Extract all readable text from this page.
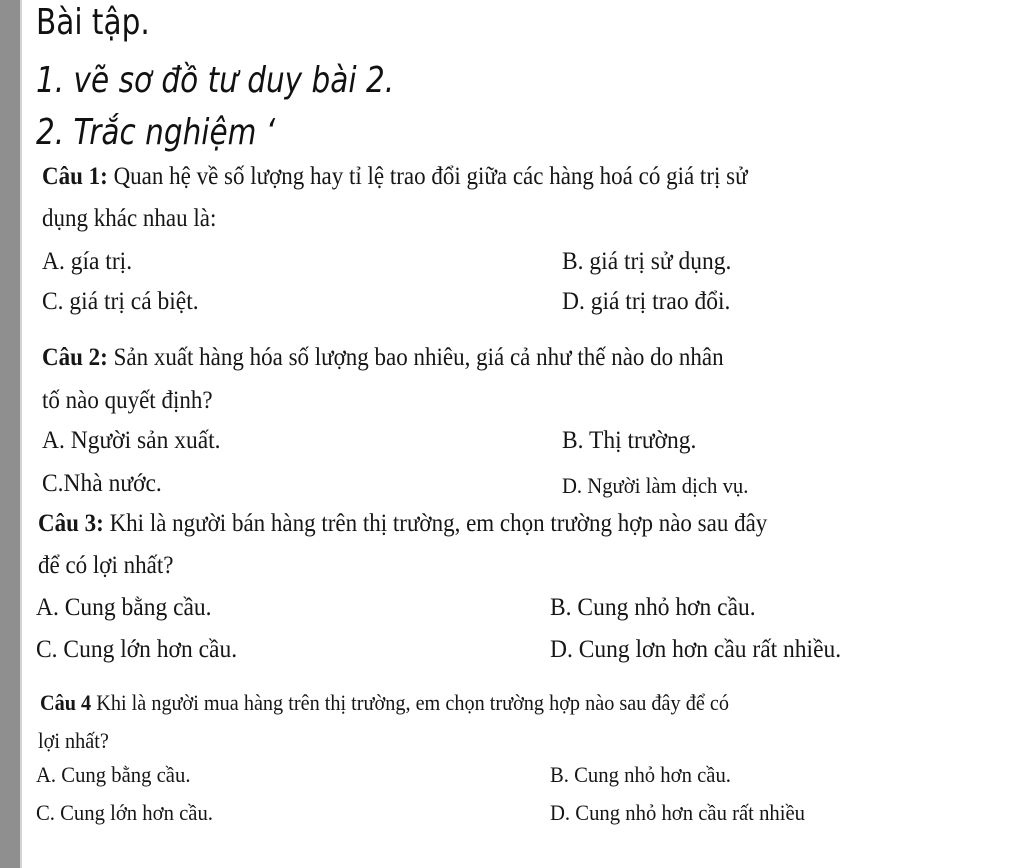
Bài tập.
1. vẽ sơ đồ tư duy bài 2.
2. Trắc nghiệm ‘
Câu 1: Quan hệ về số lượng hay tỉ lệ trao đổi giữa các hàng hoá có giá trị sử
dụng khác nhau là:
A. gía trị.	B. giá trị sử dụng.
C. giá trị cá biệt.	D. giá trị trao đổi.
Câu 2: Sản xuất hàng hóa số lượng bao nhiêu, giá cả như thế nào do nhân
tố nào quyết định?
A. Người sản xuất.	B. Thị trường.
C.Nhà nước.	D. Người làm dịch vụ.
Câu 3: Khi là người bán hàng trên thị trường, em chọn trường hợp nào sau đây
để có lợi nhất?
A. Cung bằng cầu.	B. Cung nhỏ hơn cầu.
C. Cung lớn hơn cầu.	D. Cung lơn hơn cầu rất nhiều.
Câu 4 Khi là người mua hàng trên thị trường, em chọn trường hợp nào sau đây để có
lợi nhất?
A. Cung bằng cầu.	B. Cung nhỏ hơn cầu.
C. Cung lớn hơn cầu.	D. Cung nhỏ hơn cầu rất nhiều
